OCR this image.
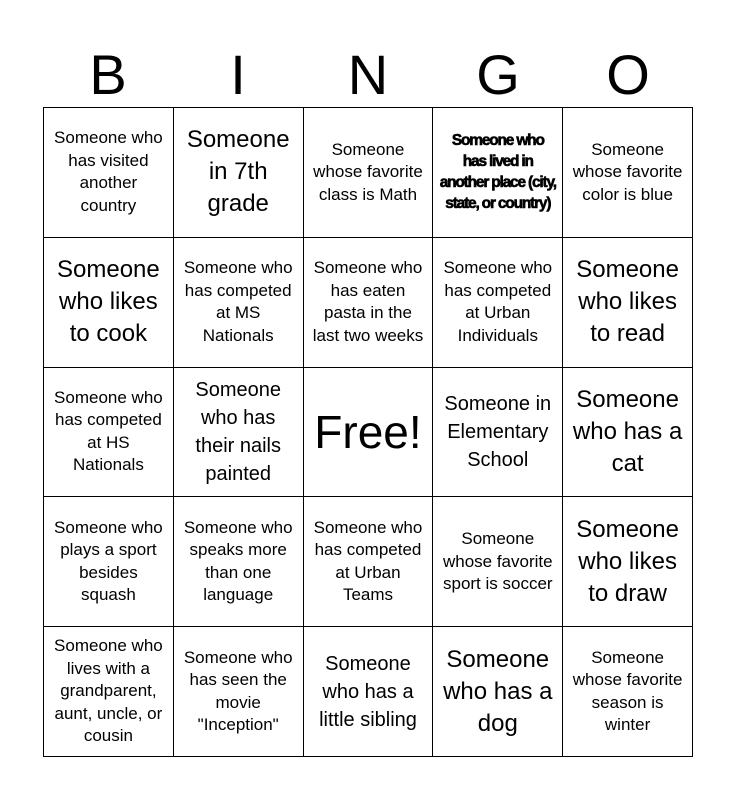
B	I	N	G	O
Someone who has visited another country
Someone in 7th grade
Someone whose favorite class is Math
Someone who has lived in another place (city, state, or country)
Someone whose favorite color is blue
Someone who likes to cook
Someone who has competed at MS Nationals
Someone who has eaten pasta in the last two weeks
Someone who has competed at Urban Individuals
Someone who likes to read
Someone who has competed at HS Nationals
Someone who has their nails painted
Free!
Someone in Elementary School
Someone who has a cat
Someone who plays a sport besides squash
Someone who speaks more than one language
Someone who has competed at Urban Teams
Someone whose favorite sport is soccer
Someone who likes to draw
Someone who lives with a grandparent, aunt, uncle, or cousin
Someone who has seen the movie "Inception"
Someone who has a little sibling
Someone who has a dog
Someone whose favorite season is winter
